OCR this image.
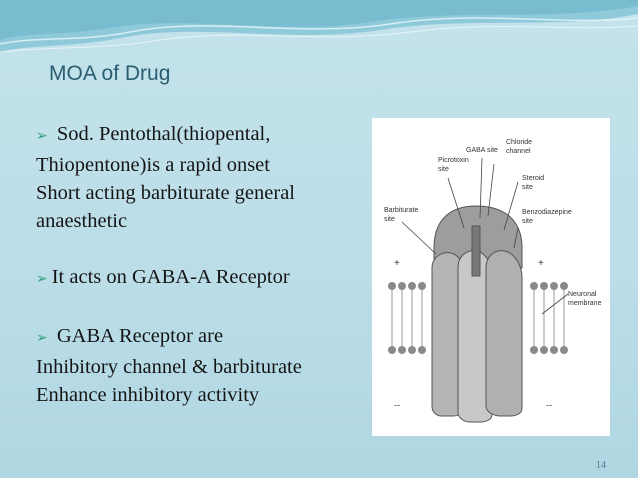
MOA of Drug

➢ Sod. Pentothal(thiopental,

Thiopentone)is a rapid onset

Short acting barbiturate general

anaesthetic

➢ It acts on GABA-A Receptor

➢ GABA Receptor are

Inhibitory channel & barbiturate

Enhance inhibitory activity

Picrotoxin
site
GABA site
Chloride
channel
Steroid
site
Barbiturate
site
Benzodiazepine
site
Neuronal
membrane
+	+
--	--
14
